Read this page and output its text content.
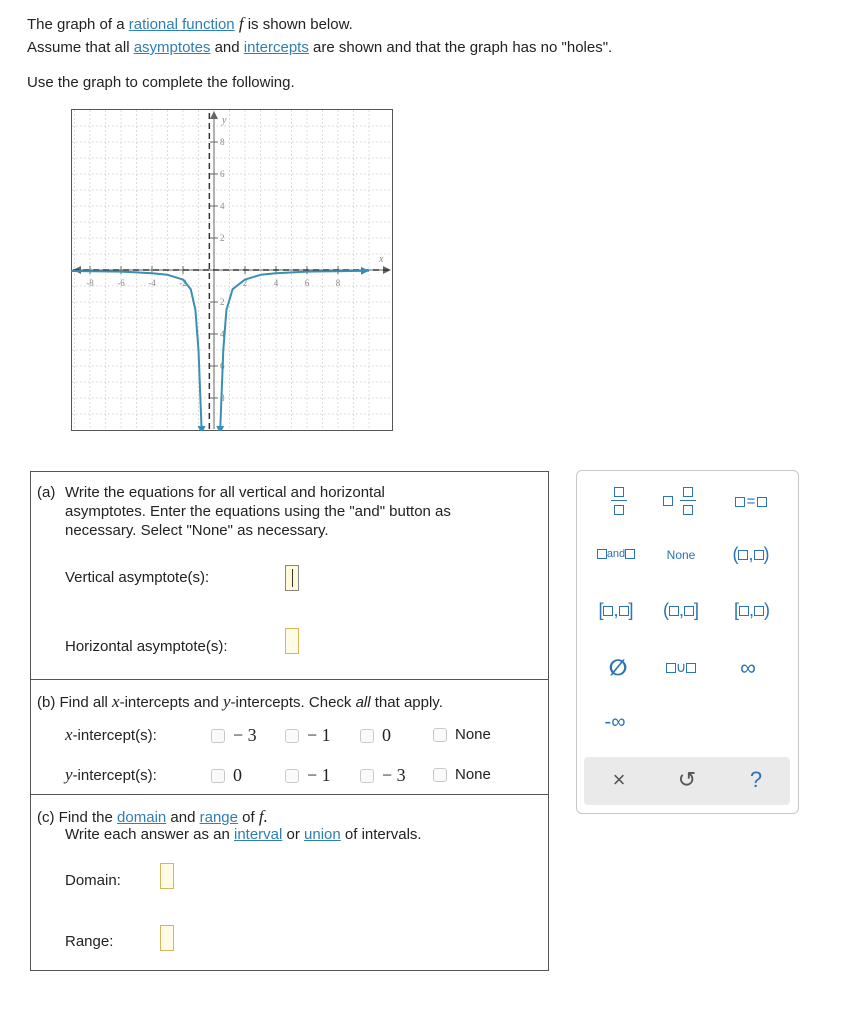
The graph of a rational function f is shown below.
Assume that all asymptotes and intercepts are shown and that the graph has no "holes".
Use the graph to complete the following.
-8	-6	-4	-2	2	4	6	8
8
6
4
2
2
4
6
8
y
x
(a) Write the equations for all vertical and horizontal
asymptotes. Enter the equations using the "and" button as
necessary. Select "None" as necessary.
Vertical asymptote(s):
Horizontal asymptote(s):
(b) Find all x-intercepts and y-intercepts. Check all that apply.
x-intercept(s):	− 3	− 1	0	None
y-intercept(s):	0	− 1	− 3	None
(c) Find the domain and range of f.
Write each answer as an interval or union of intervals.
Domain:
Range:
=
and	None	( , )
[ , ]	( , ]	[ , )
∅	∪	∞
-∞
×	↺	?
